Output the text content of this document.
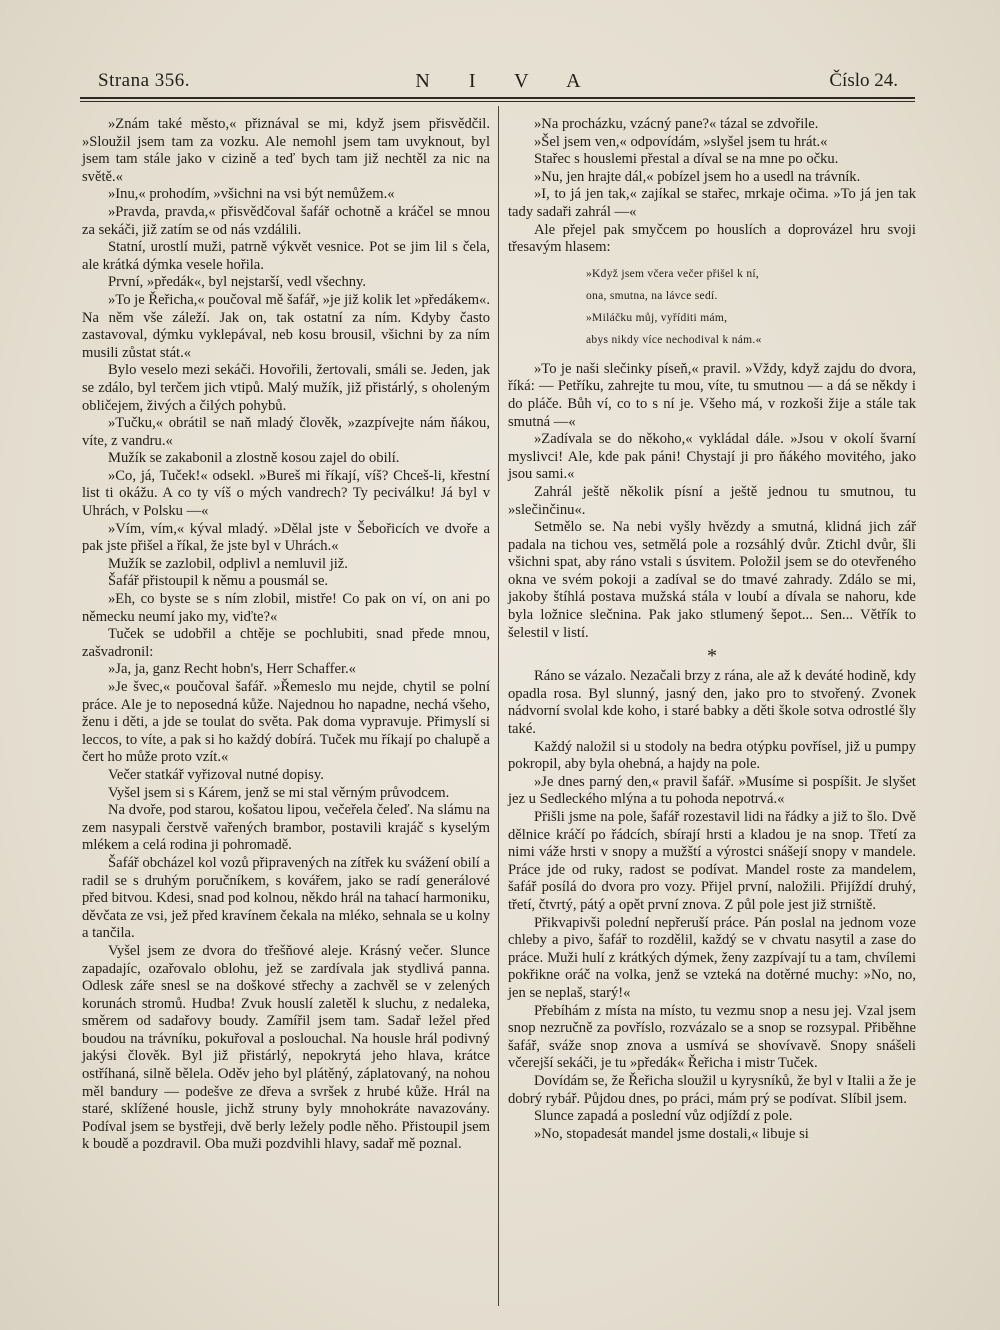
Strana 356.	N I V A	Číslo 24.

»Znám také město,« přiznával se mi, když jsem přisvědčil. »Sloužil jsem tam za vozku. Ale nemohl jsem tam uvyknout, byl jsem tam stále jako v cizině a teď bych tam již nechtěl za nic na světě.«

»Inu,« prohodím, »všichni na vsi být nemůžem.«

»Pravda, pravda,« přisvědčoval šafář ochotně a kráčel se mnou za sekáči, již zatím se od nás vzdálili.

Statní, urostlí muži, patrně výkvět vesnice. Pot se jim lil s čela, ale krátká dýmka vesele hořila.

První, »předák«, byl nejstarší, vedl všechny.

»To je Řeřicha,« poučoval mě šafář, »je již kolik let »předákem«. Na něm vše záleží. Jak on, tak ostatní za ním. Kdyby často zastavoval, dýmku vyklepával, neb kosu brousil, všichni by za ním musili zůstat stát.«

Bylo veselo mezi sekáči. Hovořili, žertovali, smáli se. Jeden, jak se zdálo, byl terčem jich vtipů. Malý mužík, již přistárlý, s oholeným obličejem, živých a čilých pohybů.

»Tučku,« obrátil se naň mladý člověk, »zazpívejte nám ňákou, víte, z vandru.«

Mužík se zakabonil a zlostně kosou zajel do obilí.

»Co, já, Tuček!« odsekl. »Bureš mi říkají, víš? Chceš-li, křestní list ti okážu. A co ty víš o mých vandrech? Ty peciválku! Já byl v Uhrách, v Polsku —«

»Vím, vím,« kýval mladý. »Dělal jste v Šebořicích ve dvoře a pak jste přišel a říkal, že jste byl v Uhrách.«

Mužík se zazlobil, odplivl a nemluvil již.

Šafář přistoupil k němu a pousmál se.

»Eh, co byste se s ním zlobil, mistře! Co pak on ví, on ani po německu neumí jako my, viďte?«

Tuček se udobřil a chtěje se pochlubiti, snad přede mnou, zašvadronil:

»Ja, ja, ganz Recht hobn's, Herr Schaffer.«

»Je švec,« poučoval šafář. »Řemeslo mu nejde, chytil se polní práce. Ale je to neposedná kůže. Najednou ho napadne, nechá všeho, ženu i děti, a jde se toulat do světa. Pak doma vypravuje. Přimyslí si leccos, to víte, a pak si ho každý dobírá. Tuček mu říkají po chalupě a čert ho může proto vzít.«

Večer statkář vyřizoval nutné dopisy.

Vyšel jsem si s Kárem, jenž se mi stal věrným průvodcem.

Na dvoře, pod starou, košatou lipou, večeřela čeleď. Na slámu na zem nasypali čerstvě vařených brambor, postavili krajáč s kyselým mlékem a celá rodina ji pohromadě.

Šafář obcházel kol vozů připravených na zítřek ku svážení obilí a radil se s druhým poručníkem, s kovářem, jako se radí generálové před bitvou. Kdesi, snad pod kolnou, někdo hrál na tahací harmoniku, děvčata ze vsi, jež před kravínem čekala na mléko, sehnala se u kolny a tančila.

Vyšel jsem ze dvora do třešňové aleje. Krásný večer. Slunce zapadajíc, ozařovalo oblohu, jež se zardívala jak stydlivá panna. Odlesk záře snesl se na doškové střechy a zachvěl se v zelených korunách stromů. Hudba! Zvuk houslí zaletěl k sluchu, z nedaleka, směrem od sadařovy boudy. Zamířil jsem tam. Sadař ležel před boudou na trávníku, pokuřoval a poslouchal. Na housle hrál podivný jakýsi člověk. Byl již přistárlý, nepokrytá jeho hlava, krátce ostříhaná, silně bělela. Oděv jeho byl plátěný, záplatovaný, na nohou měl bandury — podešve ze dřeva a svršek z hrubé kůže. Hrál na staré, sklížené housle, jichž struny byly mnohokráte navazovány. Podíval jsem se bystřeji, dvě berly ležely podle něho. Přistoupil jsem k boudě a pozdravil. Oba muži pozdvihli hlavy, sadař mě poznal.

»Na procházku, vzácný pane?« tázal se zdvořile.

»Šel jsem ven,« odpovídám, »slyšel jsem tu hrát.«

Stařec s houslemi přestal a díval se na mne po očku.

»Nu, jen hrajte dál,« pobízel jsem ho a usedl na trávník.

»I, to já jen tak,« zajíkal se stařec, mrkaje očima. »To já jen tak tady sadaři zahrál —«

Ale přejel pak smyčcem po houslích a doprovázel hru svoji třesavým hlasem:

»Když jsem včera večer přišel k ní,
ona, smutna, na lávce sedí.
»Miláčku můj, vyříditi mám,
abys nikdy více nechodival k nám.«

»To je naši slečinky píseň,« pravil. »Vždy, když zajdu do dvora, říká: — Petříku, zahrejte tu mou, víte, tu smutnou — a dá se někdy i do pláče. Bůh ví, co to s ní je. Všeho má, v rozkoši žije a stále tak smutná —«

»Zadívala se do někoho,« vykládal dále. »Jsou v okolí švarní myslivci! Ale, kde pak páni! Chystají ji pro ňákého movitého, jako jsou sami.«

Zahrál ještě několik písní a ještě jednou tu smutnou, tu »slečinčinu«.

Setmělo se. Na nebi vyšly hvězdy a smutná, klidná jich zář padala na tichou ves, setmělá pole a rozsáhlý dvůr. Ztichl dvůr, šli všichni spat, aby ráno vstali s úsvitem. Položil jsem se do otevřeného okna ve svém pokoji a zadíval se do tmavé zahrady. Zdálo se mi, jakoby štíhlá postava mužská stála v loubí a dívala se nahoru, kde byla ložnice slečnina. Pak jako stlumený šepot... Sen... Větřík to šelestil v listí.

*

Ráno se vázalo. Nezačali brzy z rána, ale až k deváté hodině, kdy opadla rosa. Byl slunný, jasný den, jako pro to stvořený. Zvonek nádvorní svolal kde koho, i staré babky a děti škole sotva odrostlé šly také.

Každý naložil si u stodoly na bedra otýpku povřísel, již u pumpy pokropil, aby byla ohebná, a hajdy na pole.

»Je dnes parný den,« pravil šafář. »Musíme si pospíšit. Je slyšet jez u Sedleckého mlýna a tu pohoda nepotrvá.«

Přišli jsme na pole, šafář rozestavil lidi na řádky a již to šlo. Dvě dělnice kráčí po řádcích, sbírají hrsti a kladou je na snop. Třetí za nimi váže hrsti v snopy a mužští a výrostci snášejí snopy v mandele. Práce jde od ruky, radost se podívat. Mandel roste za mandelem, šafář posílá do dvora pro vozy. Přijel první, naložili. Přijíždí druhý, třetí, čtvrtý, pátý a opět první znova. Z půl pole jest již strniště.

Přikvapivši polední nepřeruší práce. Pán poslal na jednom voze chleby a pivo, šafář to rozdělil, každý se v chvatu nasytil a zase do práce. Muži hulí z krátkých dýmek, ženy zazpívají tu a tam, chvílemi pokřikne oráč na volka, jenž se vzteká na dotěrné muchy: »No, no, jen se neplaš, starý!«

Přebíhám z místa na místo, tu vezmu snop a nesu jej. Vzal jsem snop nezručně za povříslo, rozvázalo se a snop se rozsypal. Přiběhne šafář, sváže snop znova a usmívá se shovívavě. Snopy snášeli včerejší sekáči, je tu »předák« Řeřicha i mistr Tuček.

Dovídám se, že Řeřicha sloužil u kyrysníků, že byl v Italii a že je dobrý rybář. Půjdou dnes, po práci, mám prý se podívat. Slíbil jsem.

Slunce zapadá a poslední vůz odjíždí z pole.

»No, stopadesát mandel jsme dostali,« libuje si
